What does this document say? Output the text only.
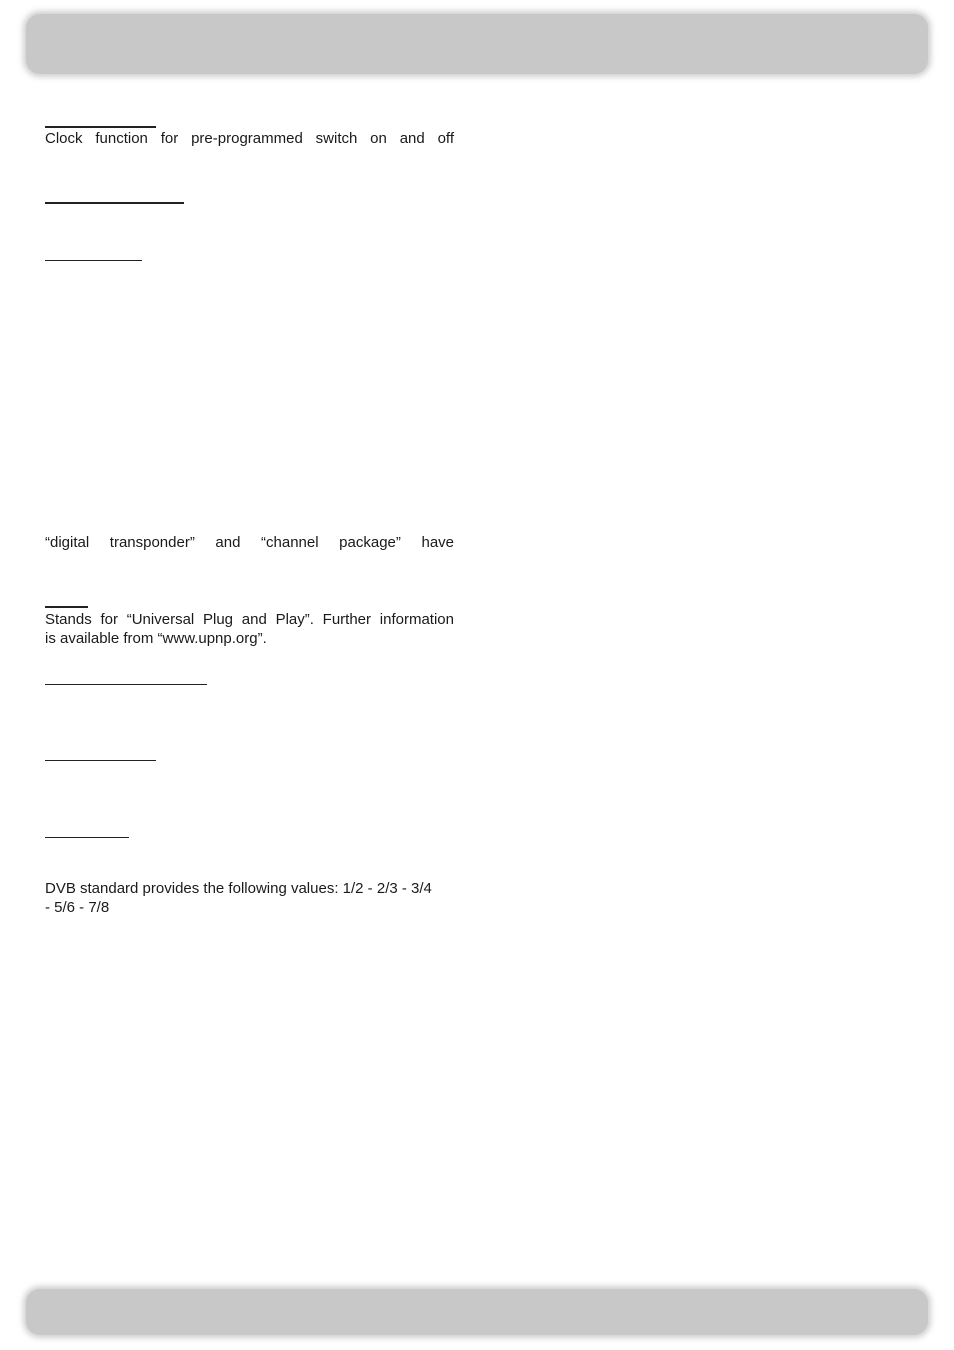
Clock function for pre-programmed switch on and off

“digital transponder” and “channel package” have

Stands for “Universal Plug and Play”. Further information

is available from “www.upnp.org”.

DVB standard provides the following values: 1/2 - 2/3 - 3/4

- 5/6 - 7/8
